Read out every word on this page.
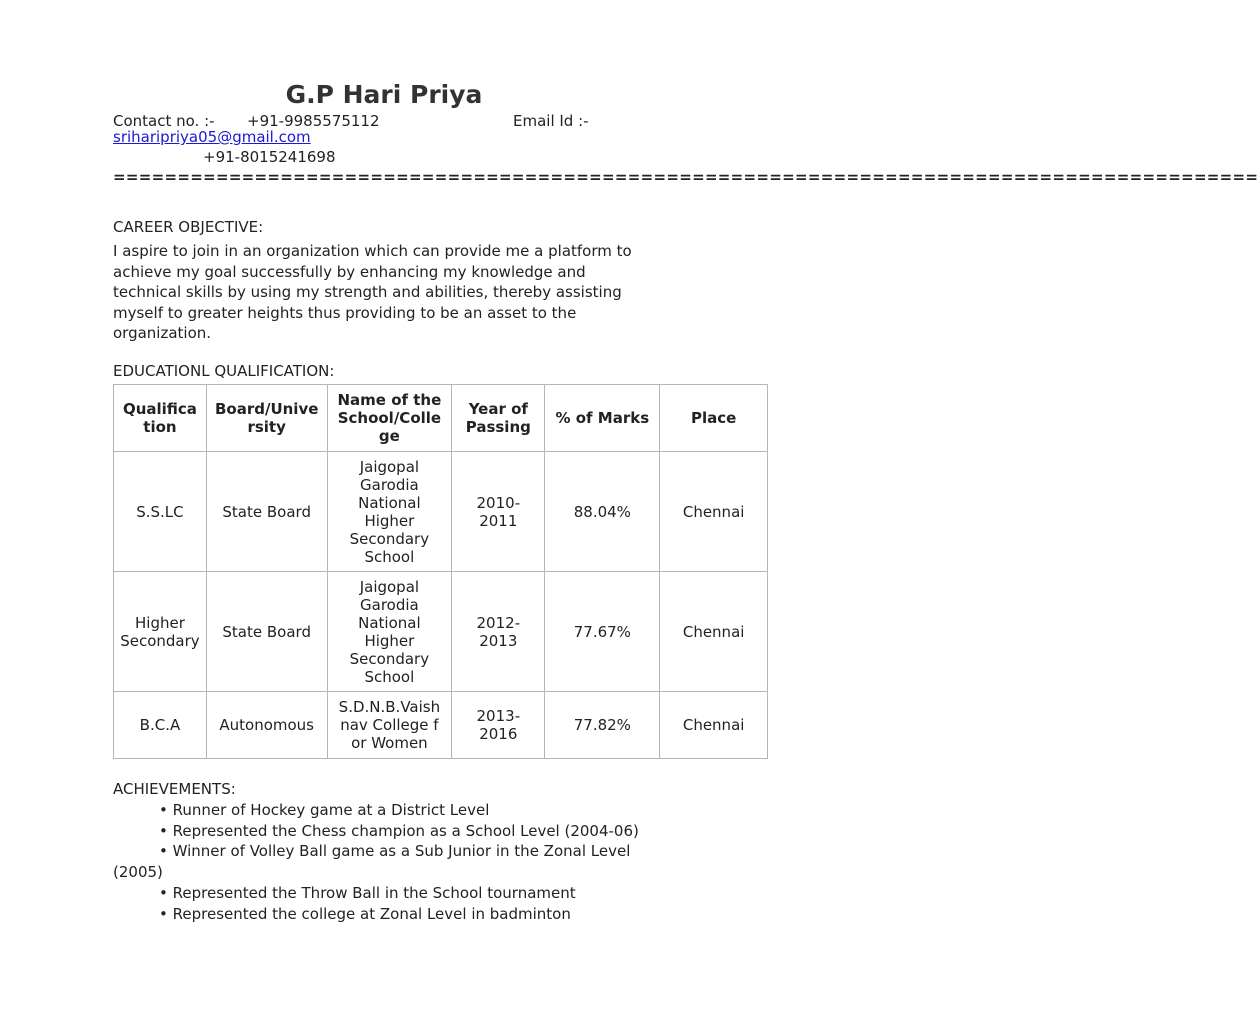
G.P Hari Priya
Contact no. :- +91-9985575112	Email Id :-
sriharipriya05@gmail.com
+91-8015241698
=========================================================================================
CAREER OBJECTIVE:
I aspire to join in an organization which can provide me a platform to achieve my goal successfully by enhancing my knowledge and technical skills by using my strength and abilities, thereby assisting myself to greater heights thus providing to be an asset to the organization.
EDUCATIONL QUALIFICATION:
Qualification	Board/University	Name of the School/College	Year of Passing	% of Marks	Place
S.S.LC	State Board	Jaigopal Garodia National Higher Secondary School	2010-2011	88.04%	Chennai

Higher Secondary	State Board	Jaigopal Garodia National Higher Secondary School	2012-2013	77.67%	Chennai
B.C.A	Autonomous	S.D.N.B.Vaishnav College for Women	2013-2016	77.82%	Chennai
ACHIEVEMENTS:
• Runner of Hockey game at a District Level
• Represented the Chess champion as a School Level (2004-06)
• Winner of Volley Ball game as a Sub Junior in the Zonal Level (2005)
• Represented the Throw Ball in the School tournament
• Represented the college at Zonal Level in badminton
